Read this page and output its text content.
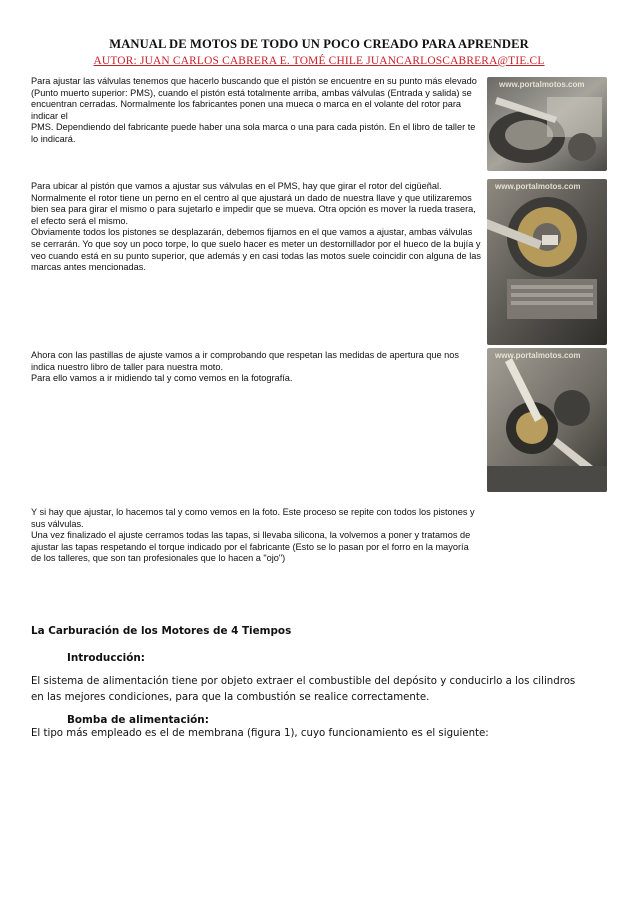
MANUAL DE MOTOS DE TODO UN POCO CREADO PARA APRENDER
AUTOR: JUAN CARLOS CABRERA E. TOMÉ CHILE JUANCARLOSCABRERA@TIE.CL

Para ajustar las válvulas tenemos que hacerlo buscando que el pistón se encuentre en su punto más elevado (Punto muerto superior: PMS), cuando el pistón está totalmente arriba, ambas válvulas (Entrada y salida) se encuentran cerradas. Normalmente los fabricantes ponen una mueca o marca en el volante del rotor para indicar el
PMS. Dependiendo del fabricante puede haber una sola marca o una para cada pistón. En el libro de taller te lo indicará.

www.portalmotos.com

Para ubicar al pistón que vamos a ajustar sus válvulas en el PMS, hay que girar el rotor del cigüeñal. Normalmente el rotor tiene un perno en el centro al que ajustará un dado de nuestra llave y que utilizaremos bien sea para girar el mismo o para sujetarlo e impedir que se mueva. Otra opción es mover la rueda trasera, el efecto será el mismo.
Obviamente todos los pistones se desplazarán, debemos fijarnos en el que vamos a ajustar, ambas válvulas se cerrarán. Yo que soy un poco torpe, lo que suelo hacer es meter un destornillador por el hueco de la bujía y veo cuando está en su punto superior, que además y en casi todas las motos suele coincidir con alguna de las marcas antes mencionadas.

www.portalmotos.com

Ahora con las pastillas de ajuste vamos a ir comprobando que respetan las medidas de apertura que nos indica nuestro libro de taller para nuestra moto.
Para ello vamos a ir midiendo tal y como vemos en la fotografía.

www.portalmotos.com

Y si hay que ajustar, lo hacemos tal y como vemos en la foto. Este proceso se repite con todos los pistones y sus válvulas.
Una vez finalizado el ajuste cerramos todas las tapas, si llevaba silicona, la volvemos a poner y tratamos de ajustar las tapas respetando el torque indicado por el fabricante (Esto se lo pasan por el forro en la mayoría de los talleres, que son tan profesionales que lo hacen a "ojo")

La Carburación de los Motores de 4 Tiempos
Introducción:

El sistema de alimentación tiene por objeto extraer el combustible del depósito y conducirlo a los cilindros en las mejores condiciones, para que la combustión se realice correctamente.

Bomba de alimentación:

El tipo más empleado es el de membrana (figura 1), cuyo funcionamiento es el siguiente:
